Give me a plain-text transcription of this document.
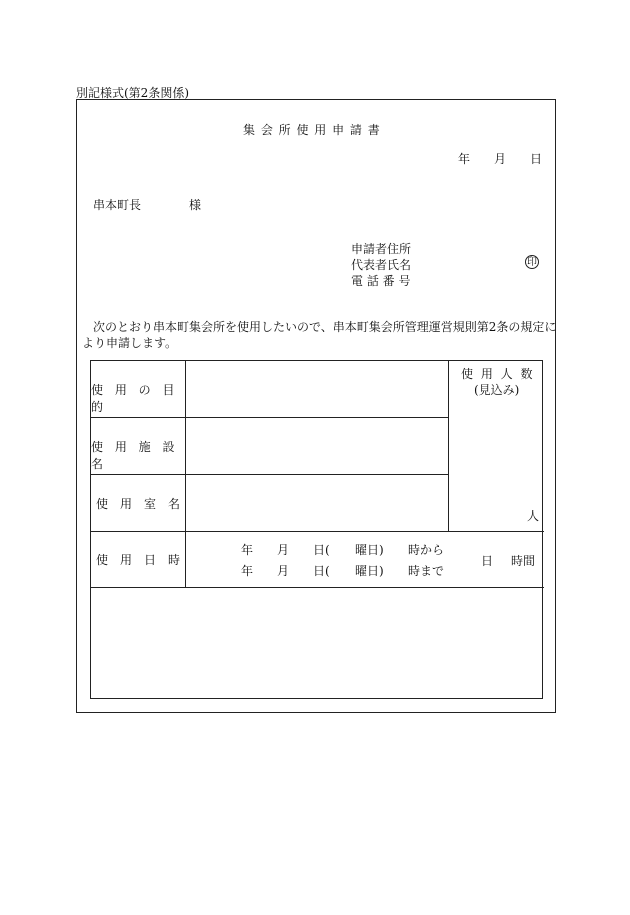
別記様式(第2条関係)
集 会 所 使 用 申 請 書
年 月 日
串本町長	様
申請者住所
代表者氏名
電 話 番 号
印
次のとおり串本町集会所を使用したいので、串本町集会所管理運営規則第2条の規定に
より申請します。
使 用 の 目 的
使 用 施 設 名
使　用　室　名
使　用　日　時
使 用 人 数
(見込み)
人
年 月 日( 曜日) 時から
年 月 日( 曜日) 時まで
日 時間
